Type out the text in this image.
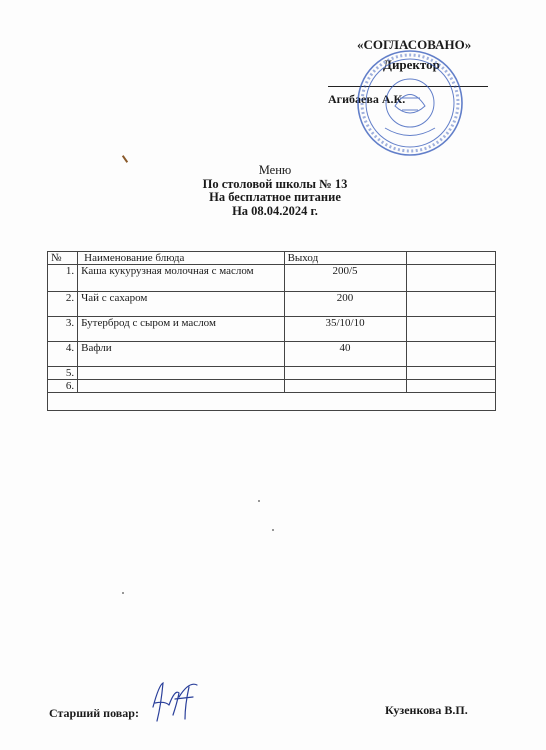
«СОГЛАСОВАНО»
Директор
Агибаева А.К.
Меню
По столовой школы № 13
На бесплатное питание
На 08.04.2024 г.
№	Наименование блюда	Выход	
1.	Каша кукурузная молочная с маслом	200/5	
2.	Чай с сахаром	200	
3.	Бутерброд с сыром и маслом	35/10/10	
4.	Вафли	40	
5.			
6.			

Старший повар:	Кузенкова В.П.
